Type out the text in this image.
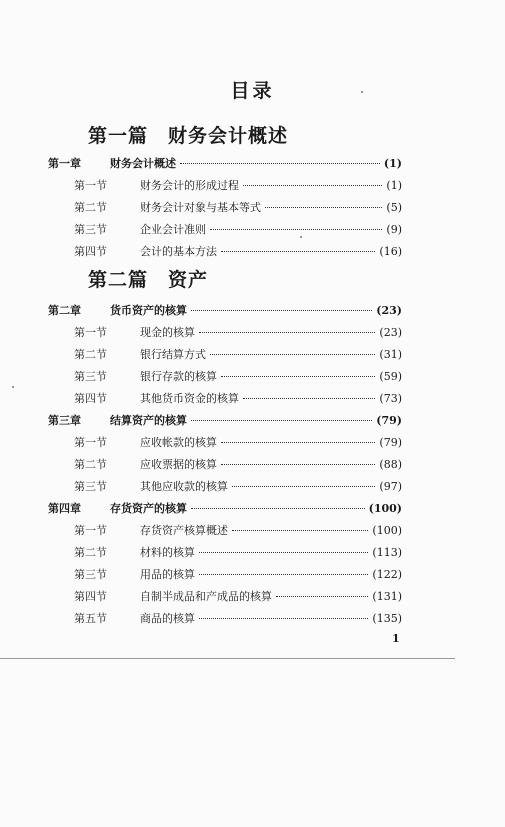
目录
第一篇　财务会计概述
第一章	财务会计概述	(1)
第一节	财务会计的形成过程	(1)
第二节	财务会计对象与基本等式	(5)
第三节	企业会计准则	(9)
第四节	会计的基本方法	(16)
第二篇　资产
第二章	货币资产的核算	(23)
第一节	现金的核算	(23)
第二节	银行结算方式	(31)
第三节	银行存款的核算	(59)
第四节	其他货币资金的核算	(73)
第三章	结算资产的核算	(79)
第一节	应收帐款的核算	(79)
第二节	应收票据的核算	(88)
第三节	其他应收款的核算	(97)
第四章	存货资产的核算	(100)
第一节	存货资产核算概述	(100)
第二节	材料的核算	(113)
第三节	用品的核算	(122)
第四节	自制半成品和产成品的核算	(131)
第五节	商品的核算	(135)
1
